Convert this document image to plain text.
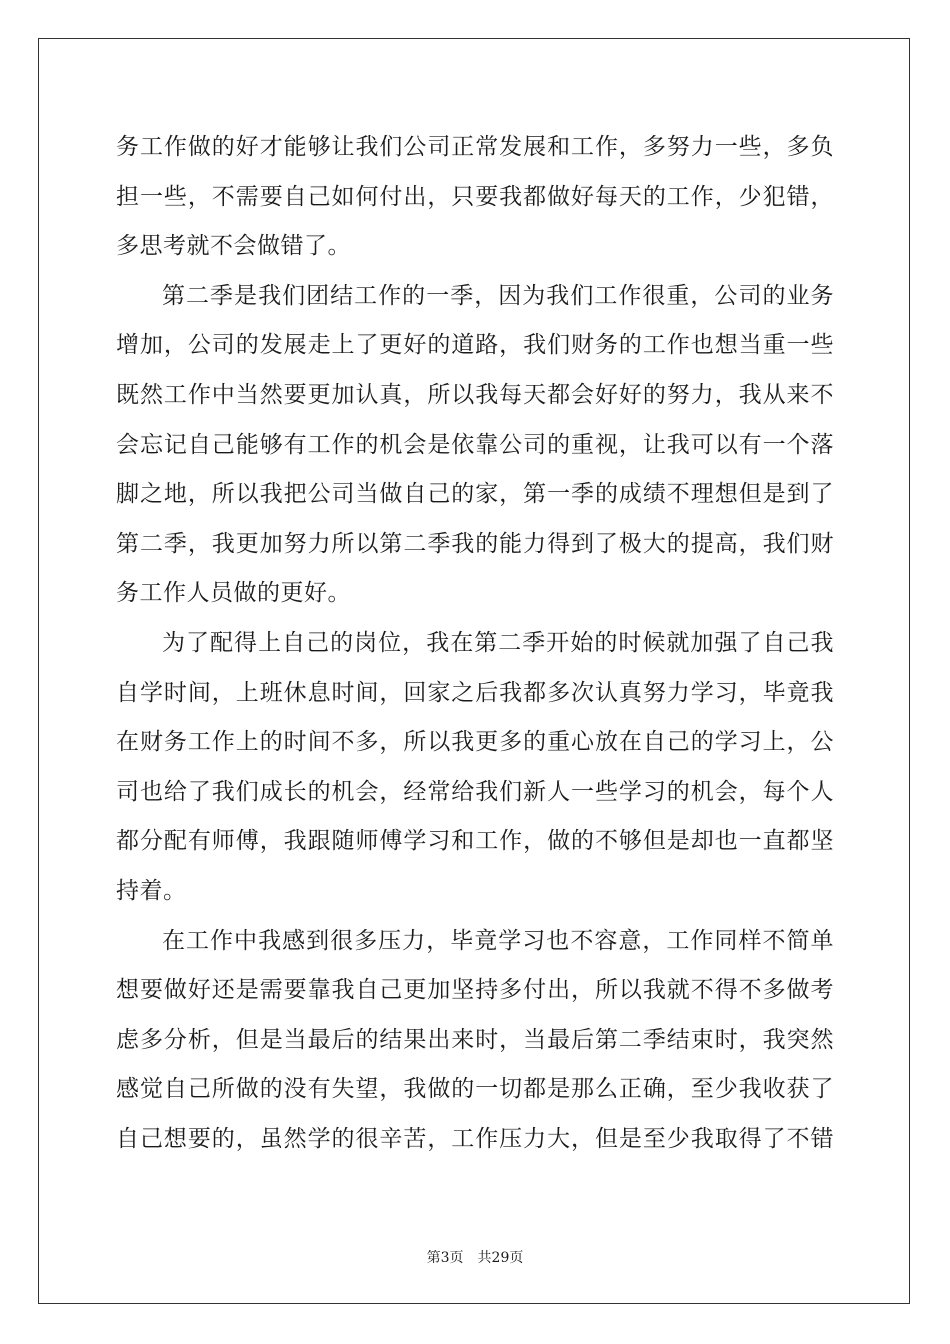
务工作做的好才能够让我们公司正常发展和工作，多努力一些，多负
担一些，不需要自己如何付出，只要我都做好每天的工作，少犯错，
多思考就不会做错了。
第二季是我们团结工作的一季，因为我们工作很重，公司的业务
增加，公司的发展走上了更好的道路，我们财务的工作也想当重一些
既然工作中当然要更加认真，所以我每天都会好好的努力，我从来不
会忘记自己能够有工作的机会是依靠公司的重视，让我可以有一个落
脚之地，所以我把公司当做自己的家，第一季的成绩不理想但是到了
第二季，我更加努力所以第二季我的能力得到了极大的提高，我们财
务工作人员做的更好。
为了配得上自己的岗位，我在第二季开始的时候就加强了自己我
自学时间，上班休息时间，回家之后我都多次认真努力学习，毕竟我
在财务工作上的时间不多，所以我更多的重心放在自己的学习上，公
司也给了我们成长的机会，经常给我们新人一些学习的机会，每个人
都分配有师傅，我跟随师傅学习和工作，做的不够但是却也一直都坚
持着。
在工作中我感到很多压力，毕竟学习也不容意，工作同样不简单
想要做好还是需要靠我自己更加坚持多付出，所以我就不得不多做考
虑多分析，但是当最后的结果出来时，当最后第二季结束时，我突然
感觉自己所做的没有失望，我做的一切都是那么正确，至少我收获了
自己想要的，虽然学的很辛苦，工作压力大，但是至少我取得了不错
第3页 共29页
